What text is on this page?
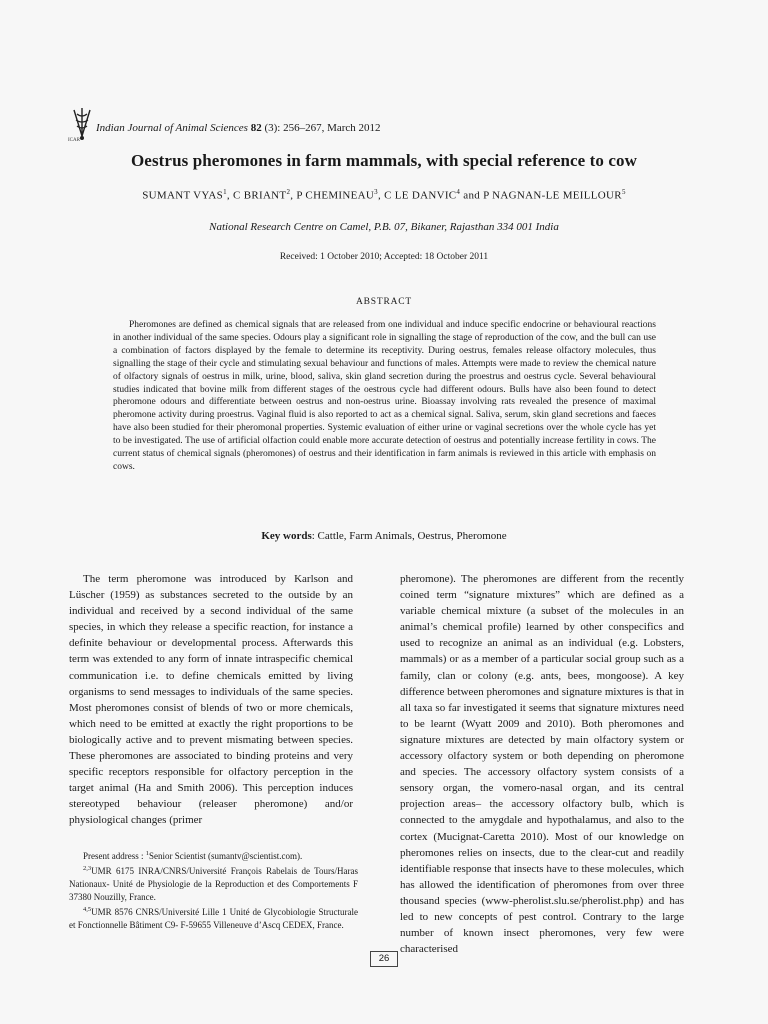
ICAR
Indian Journal of Animal Sciences 82 (3): 256–267, March 2012
Oestrus pheromones in farm mammals, with special reference to cow
SUMANT VYAS$^1$, C BRIANT$^2$, P CHEMINEAU$^3$, C LE DANVIC$^4$ and P NAGNAN-LE MEILLOUR$^5$
National Research Centre on Camel, P.B. 07, Bikaner, Rajasthan 334 001 India
Received: 1 October 2010; Accepted: 18 October 2011
ABSTRACT

Pheromones are defined as chemical signals that are released from one individual and induce specific endocrine or behavioural reactions in another individual of the same species. Odours play a significant role in signalling the stage of reproduction of the cow, and the bull can use a combination of factors displayed by the female to determine its receptivity. During oestrus, females release olfactory molecules, thus signalling the stage of their cycle and stimulating sexual behaviour and functions of males. Attempts were made to review the chemical nature of olfactory signals of oestrus in milk, urine, blood, saliva, skin gland secretion during the proestrus and oestrus cycle. Several behavioural studies indicated that bovine milk from different stages of the oestrous cycle had different odours. Bulls have also been found to detect pheromone odours and differentiate between oestrus and non-oestrus urine. Bioassay involving rats revealed the presence of maximal pheromone activity during proestrus. Vaginal fluid is also reported to act as a chemical signal. Saliva, serum, skin gland secretions and faeces have also been studied for their pheromonal properties. Systemic evaluation of either urine or vaginal secretions over the whole cycle has yet to be investigated. The use of artificial olfaction could enable more accurate detection of oestrus and potentially increase fertility in cows. The current status of chemical signals (pheromones) of oestrus and their identification in farm animals is reviewed in this article with emphasis on cows.

Key words: Cattle, Farm Animals, Oestrus, Pheromone

The term pheromone was introduced by Karlson and Lüscher (1959) as substances secreted to the outside by an individual and received by a second individual of the same species, in which they release a specific reaction, for instance a definite behaviour or developmental process. Afterwards this term was extended to any form of innate intraspecific chemical communication i.e. to define chemicals emitted by living organisms to send messages to individuals of the same species. Most pheromones consist of blends of two or more chemicals, which need to be emitted at exactly the right proportions to be biologically active and to prevent mismating between species. These pheromones are associated to binding proteins and very specific receptors responsible for olfactory perception in the target animal (Ha and Smith 2006). This perception induces stereotyped behaviour (releaser pheromone) and/or physiological changes (primer

pheromone). The pheromones are different from the recently coined term “signature mixtures” which are defined as a variable chemical mixture (a subset of the molecules in an animal’s chemical profile) learned by other conspecifics and used to recognize an animal as an individual (e.g. Lobsters, mammals) or as a member of a particular social group such as a family, clan or colony (e.g. ants, bees, mongoose). A key difference between pheromones and signature mixtures is that in all taxa so far investigated it seems that signature mixtures need to be learnt (Wyatt 2009 and 2010). Both pheromones and signature mixtures are detected by main olfactory system or accessory olfactory system or both depending on pheromone and species. The accessory olfactory system consists of a sensory organ, the vomero-nasal organ, and its central projection areas– the accessory olfactory bulb, which is connected to the amygdale and hypothalamus, and also to the cortex (Mucignat-Caretta 2010). Most of our knowledge on pheromones relies on insects, due to the clear-cut and readily identifiable response that insects have to these molecules, which has allowed the identification of pheromones from over three thousand species (www-pherolist.slu.se/pherolist.php) and has led to new concepts of pest control. Contrary to the large number of known insect pheromones, very few were characterised

Present address : $^1$Senior Scientist (sumantv@scientist.com).

$^{2,3}$UMR 6175 INRA/CNRS/Université François Rabelais de Tours/Haras Nationaux- Unité de Physiologie de la Reproduction et des Comportements F 37380 Nouzilly, France.

$^{4,5}$UMR 8576 CNRS/Université Lille 1 Unité de Glycobiologie Structurale et Fonctionnelle Bâtiment C9- F-59655 Villeneuve d’Ascq CEDEX, France.

26
